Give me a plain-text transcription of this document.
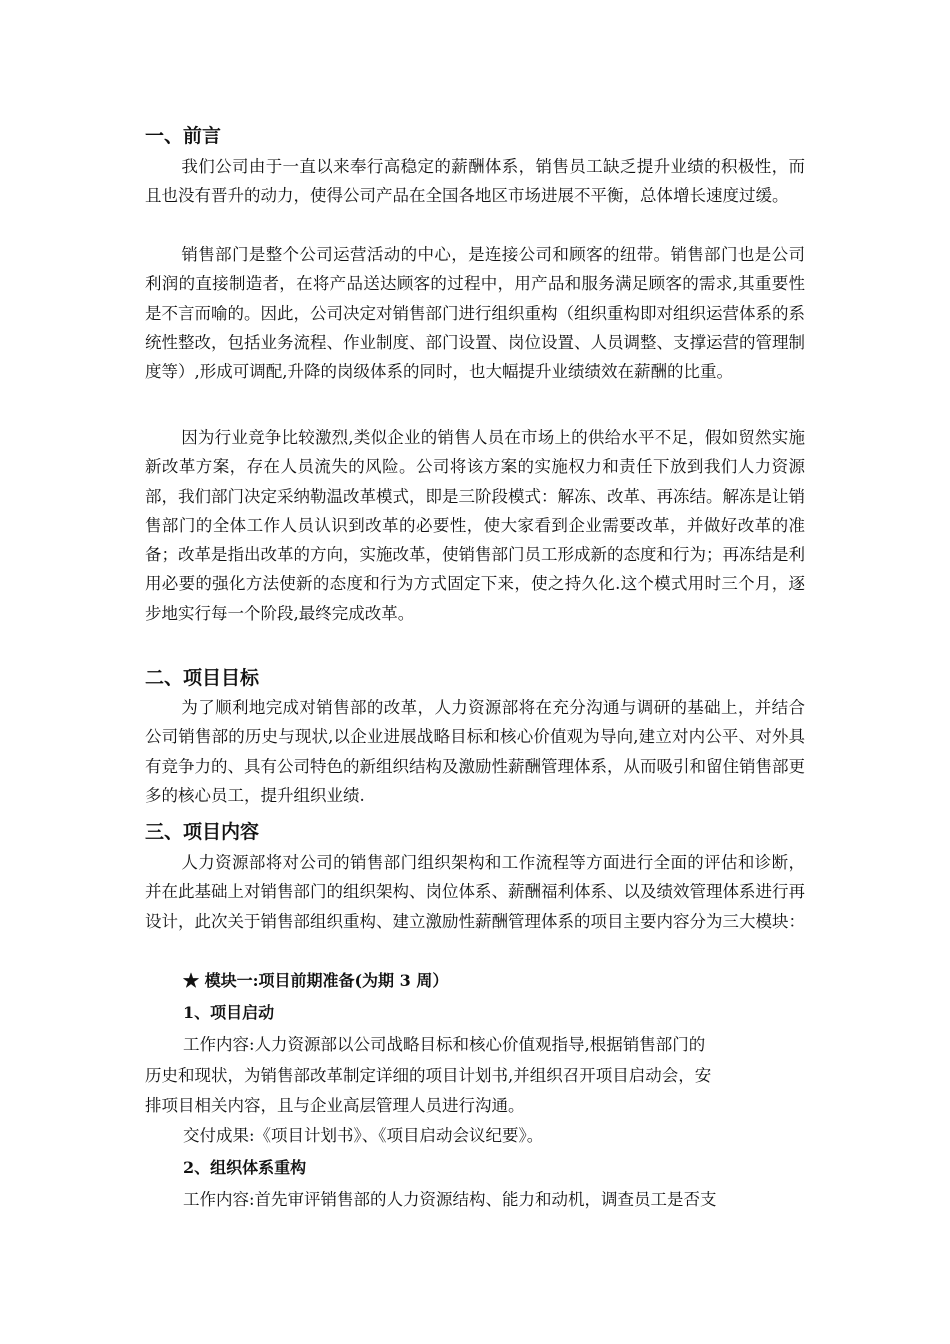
一、前言
我们公司由于一直以来奉行高稳定的薪酬体系，销售员工缺乏提升业绩的积极性，而且也没有晋升的动力，使得公司产品在全国各地区市场进展不平衡，总体增长速度过缓。
销售部门是整个公司运营活动的中心，是连接公司和顾客的纽带。销售部门也是公司利润的直接制造者，在将产品送达顾客的过程中，用产品和服务满足顾客的需求,其重要性是不言而喻的。因此，公司决定对销售部门进行组织重构（组织重构即对组织运营体系的系统性整改，包括业务流程、作业制度、部门设置、岗位设置、人员调整、支撑运营的管理制度等）,形成可调配,升降的岗级体系的同时，也大幅提升业绩绩效在薪酬的比重。
因为行业竞争比较激烈,类似企业的销售人员在市场上的供给水平不足，假如贸然实施新改革方案，存在人员流失的风险。公司将该方案的实施权力和责任下放到我们人力资源部，我们部门决定采纳勒温改革模式，即是三阶段模式：解冻、改革、再冻结。解冻是让销售部门的全体工作人员认识到改革的必要性，使大家看到企业需要改革，并做好改革的准备；改革是指出改革的方向，实施改革，使销售部门员工形成新的态度和行为；再冻结是利用必要的强化方法使新的态度和行为方式固定下来，使之持久化.这个模式用时三个月，逐步地实行每一个阶段,最终完成改革。
二、项目目标
为了顺利地完成对销售部的改革，人力资源部将在充分沟通与调研的基础上，并结合公司销售部的历史与现状,以企业进展战略目标和核心价值观为导向,建立对内公平、对外具有竞争力的、具有公司特色的新组织结构及激励性薪酬管理体系，从而吸引和留住销售部更多的核心员工，提升组织业绩.
三、项目内容
人力资源部将对公司的销售部门组织架构和工作流程等方面进行全面的评估和诊断，并在此基础上对销售部门的组织架构、岗位体系、薪酬福利体系、以及绩效管理体系进行再设计，此次关于销售部组织重构、建立激励性薪酬管理体系的项目主要内容分为三大模块：
★ 模块一:项目前期准备(为期 3 周）
1、项目启动
工作内容:人力资源部以公司战略目标和核心价值观指导,根据销售部门的
历史和现状，为销售部改革制定详细的项目计划书,并组织召开项目启动会，安
排项目相关内容，且与企业高层管理人员进行沟通。
交付成果:《项目计划书》、《项目启动会议纪要》。
2、组织体系重构
工作内容:首先审评销售部的人力资源结构、能力和动机，调查员工是否支
